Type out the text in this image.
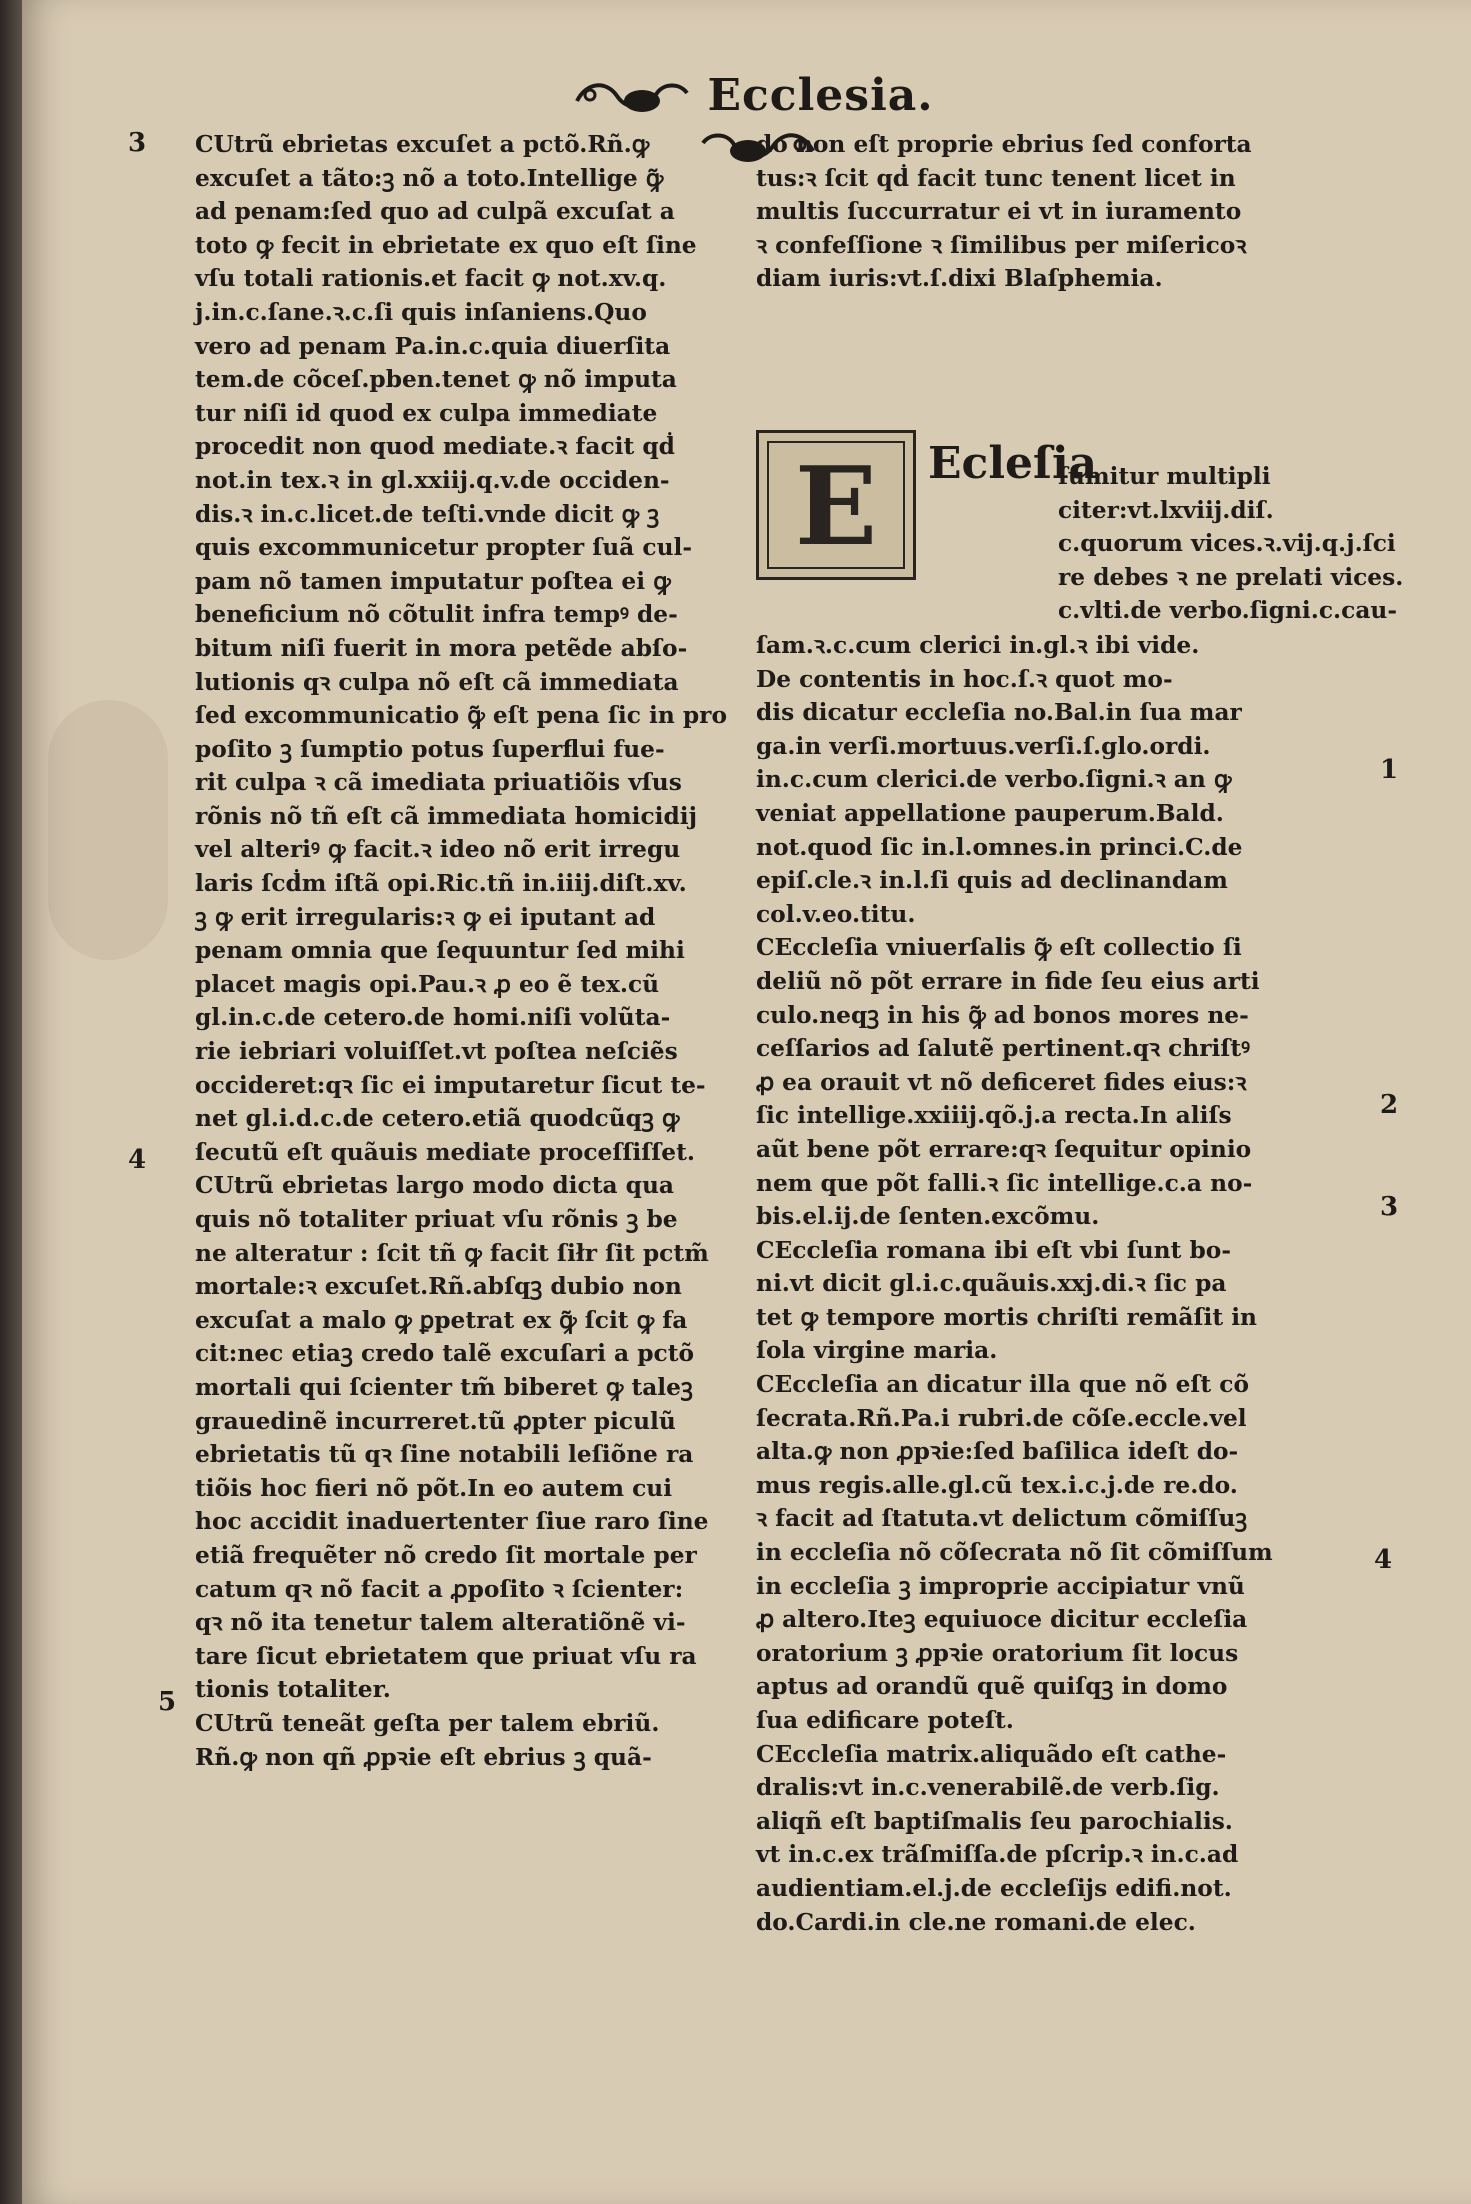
Ecclesia.
3
4
5
1
2
3
4
CUtrũ ebrietas excuſet a pctõ.Rñ.ꝙ
excuſet a tãto:ꝫ nõ a toto.Intellige ꝙ̃
ad penam:ſed quo ad culpã excuſat a
toto ꝙ fecit in ebrietate ex quo eſt ſine
vſu totali rationis.et facit ꝙ not.xv.q.
j.in.c.ſane.ꝛ.c.ſi quis inſaniens.Quo
vero ad penam Pa.in.c.quia diuerſita
tem.de cõceſ.pben.tenet ꝙ nõ imputa
tur niſi id quod ex culpa immediate
procedit non quod mediate.ꝛ facit qḋ
not.in tex.ꝛ in gl.xxiij.q.v.de occiden-
dis.ꝛ in.c.licet.de teſti.vnde dicit ꝙ ꝫ
quis excommunicetur propter ſuã cul-
pam nõ tamen imputatur poſtea ei ꝙ
beneficium nõ cõtulit infra tempꝰ de-
bitum niſi fuerit in mora petẽde abſo-
lutionis qꝛ culpa nõ eſt cã immediata
ſed excommunicatio ꝙ̃ eſt pena ſic in pro
poſito ꝫ ſumptio potus ſuperflui fue-
rit culpa ꝛ cã imediata priuatiõis vſus
rõnis nõ tñ eſt cã immediata homicidij
vel alteriꝰ ꝙ facit.ꝛ ideo nõ erit irregu
laris ſcḋm iſtã opi.Ric.tñ in.iiij.diſt.xv.
ꝫ ꝙ erit irregularis:ꝛ ꝙ ei iputant ad
penam omnia que ſequuntur ſed mihi
placet magis opi.Pau.ꝛ ꝓ eo ẽ tex.cũ
gl.in.c.de cetero.de homi.niſi volũta-
rie iebriari voluiſſet.vt poſtea neſciẽs
occideret:qꝛ ſic ei imputaretur ſicut te-
net gl.i.d.c.de cetero.etiã quodcũqꝫ ꝙ
ſecutũ eſt quãuis mediate proceſſiſſet.
CUtrũ ebrietas largo modo dicta qua
quis nõ totaliter priuat vſu rõnis ꝫ be
ne alteratur : ſcit tñ ꝙ facit ſiłr ſit pctm̃
mortale:ꝛ excuſet.Rñ.abſqꝫ dubio non
excuſat a malo ꝙ ꝑpetrat ex ꝙ̃ ſcit ꝙ fa
cit:nec etiaꝫ credo talẽ excuſari a pctõ
mortali qui ſcienter tm̃ biberet ꝙ taleꝫ
grauedinẽ incurreret.tũ ꝓpter piculũ
ebrietatis tũ qꝛ ſine notabili leſiõne ra
tiõis hoc fieri nõ põt.In eo autem cui
hoc accidit inaduertenter ſiue raro ſine
etiã frequẽter nõ credo ſit mortale per
catum qꝛ nõ facit a ꝓpoſito ꝛ ſcienter:
qꝛ nõ ita tenetur talem alteratiõnẽ vi-
tare ſicut ebrietatem que priuat vſu ra
tionis totaliter.
CUtrũ teneãt geſta per talem ebriũ.
Rñ.ꝙ non qñ ꝓpꝛie eſt ebrius ꝫ quã-
do non eſt proprie ebrius ſed conforta
tus:ꝛ ſcit qḋ facit tunc tenent licet in
multis ſuccurratur ei vt in iuramento
ꝛ confeſſione ꝛ ſimilibus per miſericoꝛ
diam iuris:vt.ſ.dixi Blaſphemia.
E	Ecleſia
ſumitur multipli
citer:vt.lxviij.diſ.
c.quorum vices.ꝛ.vij.q.j.ſci
re debes ꝛ ne prelati vices.
c.vlti.de verbo.ſigni.c.cau-
ſam.ꝛ.c.cum clerici in.gl.ꝛ ibi vide.
De contentis in hoc.ſ.ꝛ quot mo-
dis dicatur eccleſia no.Bal.in ſua mar
ga.in verſi.mortuus.verſi.ſ.glo.ordi.
in.c.cum clerici.de verbo.ſigni.ꝛ an ꝙ
veniat appellatione pauperum.Bald.
not.quod ſic in.l.omnes.in princi.C.de
epiſ.cle.ꝛ in.l.ſi quis ad declinandam
col.v.eo.titu.
CEccleſia vniuerſalis ꝙ̃ eſt collectio ſi
deliũ nõ põt errare in fide ſeu eius arti
culo.neqꝫ in his ꝙ̃ ad bonos mores ne-
ceſſarios ad ſalutẽ pertinent.qꝛ chriſtꝰ
ꝓ ea orauit vt nõ deficeret fides eius:ꝛ
ſic intellige.xxiiij.qõ.j.a recta.In aliſs
aũt bene põt errare:qꝛ ſequitur opinio
nem que põt falli.ꝛ ſic intellige.c.a no-
bis.el.ij.de ſenten.excõmu.
CEccleſia romana ibi eſt vbi ſunt bo-
ni.vt dicit gl.i.c.quãuis.xxj.di.ꝛ ſic pa
tet ꝙ tempore mortis chriſti remãſit in
ſola virgine maria.
CEccleſia an dicatur illa que nõ eſt cõ
ſecrata.Rñ.Pa.i rubri.de cõſe.eccle.vel
alta.ꝙ non ꝓpꝛie:ſed baſilica ideſt do-
mus regis.alle.gl.cũ tex.i.c.j.de re.do.
ꝛ facit ad ſtatuta.vt delictum cõmiſſuꝫ
in eccleſia nõ cõſecrata nõ ſit cõmiſſum
in eccleſia ꝫ improprie accipiatur vnũ
ꝓ altero.Iteꝫ equiuoce dicitur eccleſia
oratorium ꝫ ꝓpꝛie oratorium ſit locus
aptus ad orandũ quẽ quiſqꝫ in domo
ſua edificare poteſt.
CEccleſia matrix.aliquãdo eſt cathe-
dralis:vt in.c.venerabilẽ.de verb.ſig.
aliqñ eſt baptiſmalis ſeu parochialis.
vt in.c.ex trãſmiſſa.de pſcrip.ꝛ in.c.ad
audientiam.el.j.de eccleſijs edifi.not.
do.Cardi.in cle.ne romani.de elec.
